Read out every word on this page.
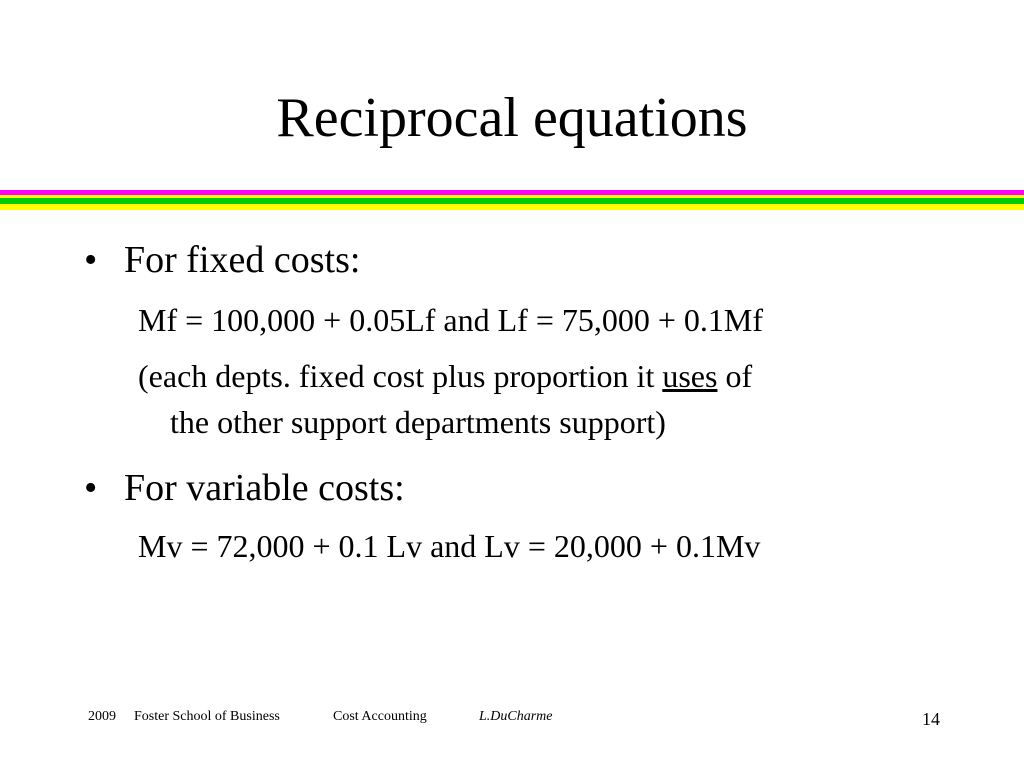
Reciprocal equations
• For fixed costs:
Mf = 100,000 + 0.05Lf and Lf = 75,000 + 0.1Mf
(each depts. fixed cost plus proportion it uses of
the other support departments support)
• For variable costs:
Mv = 72,000 + 0.1 Lv and Lv = 20,000 + 0.1Mv
2009 Foster School of Business	Cost Accounting	L.DuCharme	14
